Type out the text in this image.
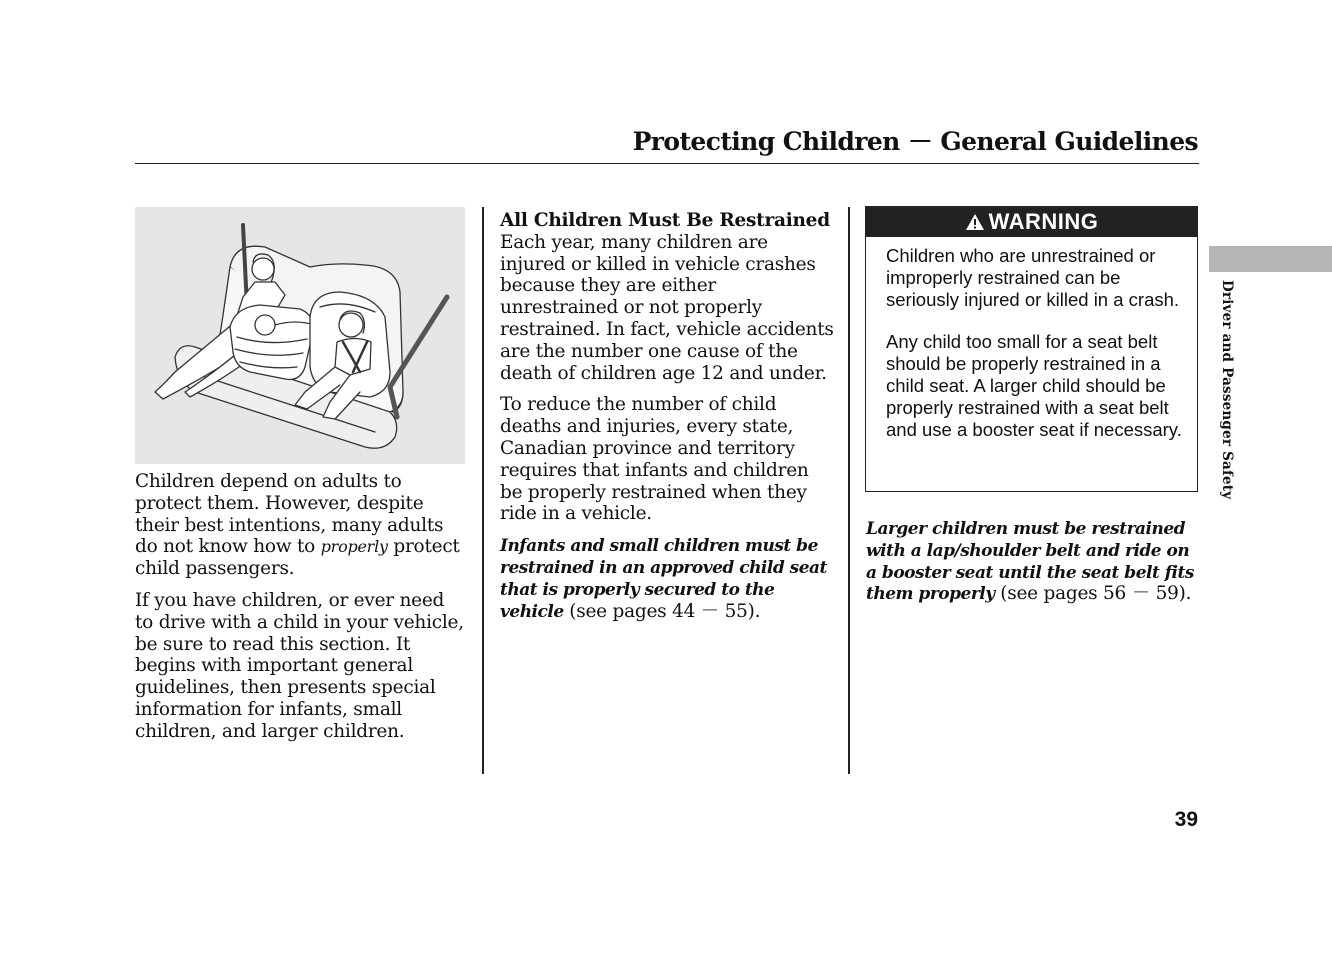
Protecting Children － General Guidelines

Children depend on adults to protect them. However, despite their best intentions, many adults do not know how to properly protect child passengers.

If you have children, or ever need to drive with a child in your vehicle, be sure to read this section. It begins with important general guidelines, then presents special information for infants, small children, and larger children.

All Children Must Be Restrained
Each year, many children are injured or killed in vehicle crashes because they are either unrestrained or not properly restrained. In fact, vehicle accidents are the number one cause of the death of children age 12 and under.

To reduce the number of child deaths and injuries, every state, Canadian province and territory requires that infants and children be properly restrained when they ride in a vehicle.

Infants and small children must be restrained in an approved child seat that is properly secured to the vehicle (see pages 44 － 55).

WARNING

Children who are unrestrained or improperly restrained can be seriously injured or killed in a crash.

Any child too small for a seat belt should be properly restrained in a child seat. A larger child should be properly restrained with a seat belt and use a booster seat if necessary.

Larger children must be restrained with a lap/shoulder belt and ride on a booster seat until the seat belt fits them properly (see pages 56 － 59).

Driver and Passenger Safety
39
